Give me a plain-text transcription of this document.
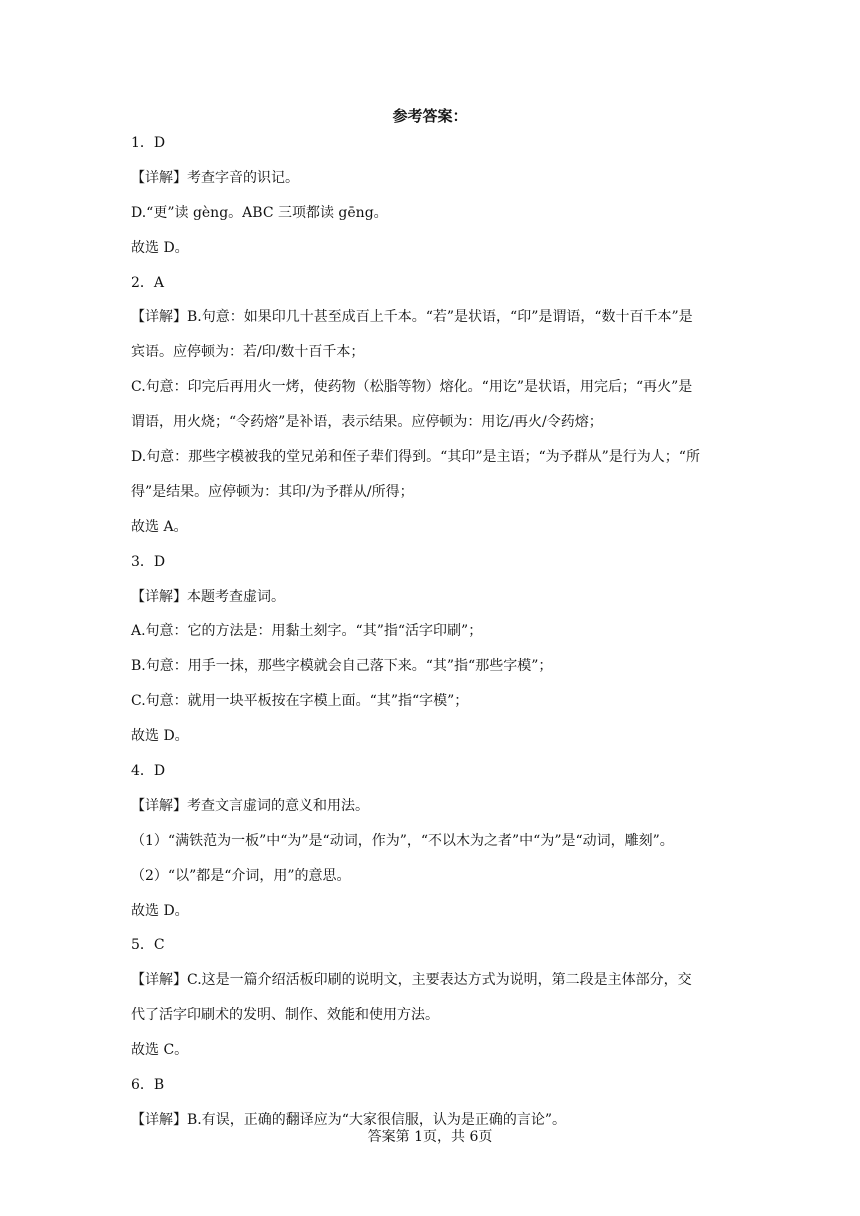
参考答案：
1．D
【详解】考查字音的识记。
D.“更”读 gèng。ABC 三项都读 gēng。
故选 D。
2．A
【详解】B.句意：如果印几十甚至成百上千本。“若”是状语，“印”是谓语，“数十百千本”是
宾语。应停顿为：若/印/数十百千本；
C.句意：印完后再用火一烤，使药物（松脂等物）熔化。“用讫”是状语，用完后；“再火”是
谓语，用火烧；“令药熔”是补语，表示结果。应停顿为：用讫/再火/令药熔；
D.句意：那些字模被我的堂兄弟和侄子辈们得到。“其印”是主语；“为予群从”是行为人；“所
得”是结果。应停顿为：其印/为予群从/所得；
故选 A。
3．D
【详解】本题考查虚词。
A.句意：它的方法是：用黏土刻字。“其”指“活字印刷”；
B.句意：用手一抹，那些字模就会自己落下来。“其”指“那些字模”；
C.句意：就用一块平板按在字模上面。“其”指“字模”；
故选 D。
4．D
【详解】考查文言虚词的意义和用法。
（1）“满铁范为一板”中“为”是“动词，作为”，“不以木为之者”中“为”是“动词，雕刻”。
（2）“以”都是“介词，用”的意思。
故选 D。
5．C
【详解】C.这是一篇介绍活板印刷的说明文，主要表达方式为说明，第二段是主体部分，交
代了活字印刷术的发明、制作、效能和使用方法。
故选 C。
6．B
【详解】B.有误，正确的翻译应为“大家很信服，认为是正确的言论”。
答案第 1页，共 6页
